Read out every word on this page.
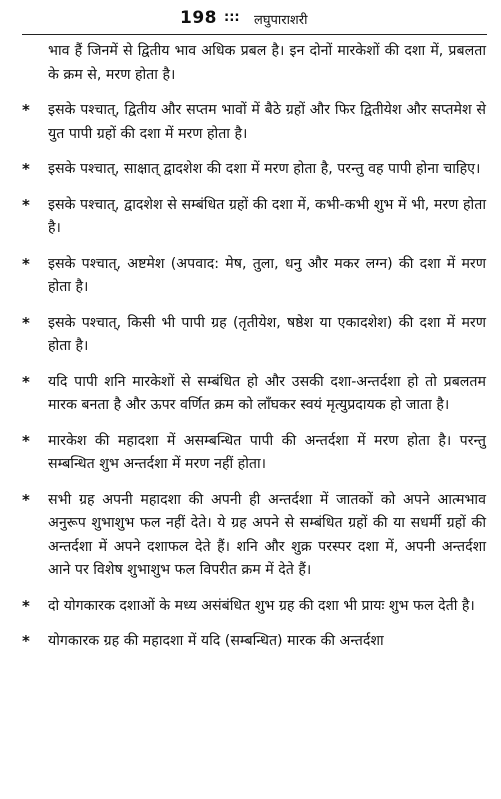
198 ::: लघुपाराशरी
भाव हैं जिनमें से द्वितीय भाव अधिक प्रबल है। इन दोनों मारकेशों की दशा में, प्रबलता के क्रम से, मरण होता है।
* इसके पश्चात्, द्वितीय और सप्तम भावों में बैठे ग्रहों और फिर द्वितीयेश और सप्तमेश से युत पापी ग्रहों की दशा में मरण होता है।
* इसके पश्चात्, साक्षात् द्वादशेश की दशा में मरण होता है, परन्तु वह पापी होना चाहिए।
* इसके पश्चात्, द्वादशेश से सम्बंधित ग्रहों की दशा में, कभी-कभी शुभ में भी, मरण होता है।
* इसके पश्चात्, अष्टमेश (अपवाद: मेष, तुला, धनु और मकर लग्न) की दशा में मरण होता है।
* इसके पश्चात्, किसी भी पापी ग्रह (तृतीयेश, षष्ठेश या एकादशेश) की दशा में मरण होता है।
* यदि पापी शनि मारकेशों से सम्बंधित हो और उसकी दशा-अन्तर्दशा हो तो प्रबलतम मारक बनता है और ऊपर वर्णित क्रम को लाँघकर स्वयं मृत्युप्रदायक हो जाता है।
* मारकेश की महादशा में असम्बन्धित पापी की अन्तर्दशा में मरण होता है। परन्तु सम्बन्धित शुभ अन्तर्दशा में मरण नहीं होता।
* सभी ग्रह अपनी महादशा की अपनी ही अन्तर्दशा में जातकों को अपने आत्मभाव अनुरूप शुभाशुभ फल नहीं देते। ये ग्रह अपने से सम्बंधित ग्रहों की या सधर्मी ग्रहों की अन्तर्दशा में अपने दशाफल देते हैं। शनि और शुक्र परस्पर दशा में, अपनी अन्तर्दशा आने पर विशेष शुभाशुभ फल विपरीत क्रम में देते हैं।
* दो योगकारक दशाओं के मध्य असंबंधित शुभ ग्रह की दशा भी प्रायः शुभ फल देती है।
* योगकारक ग्रह की महादशा में यदि (सम्बन्धित) मारक की अन्तर्दशा
